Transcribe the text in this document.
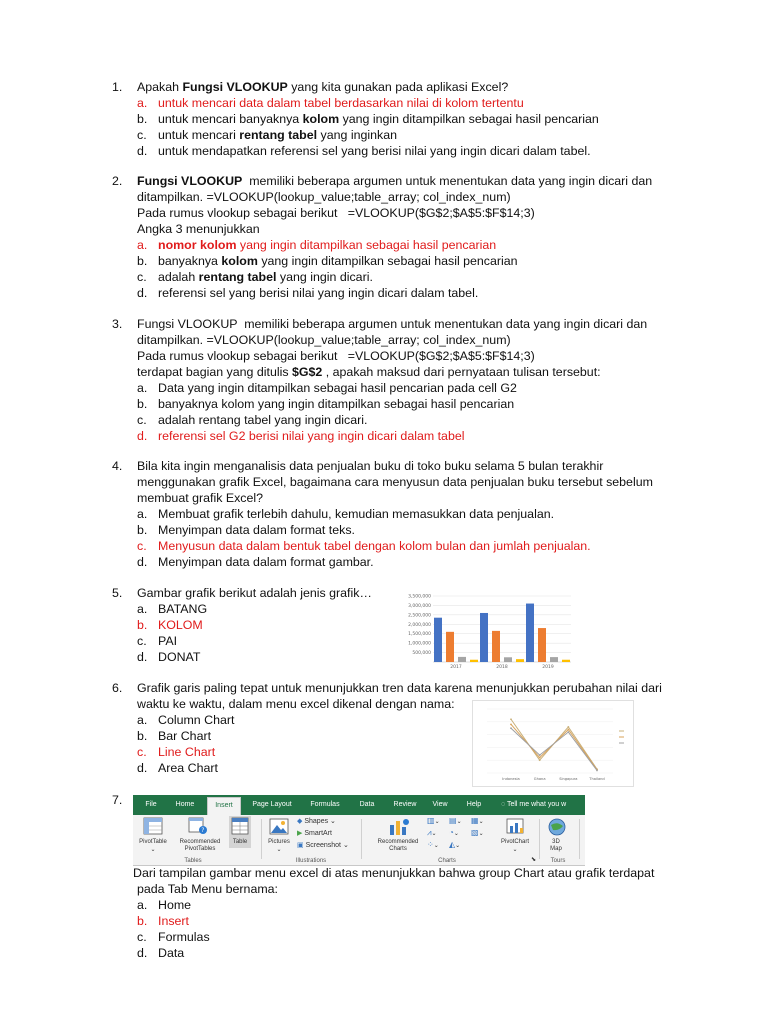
1. Apakah Fungsi VLOOKUP yang kita gunakan pada aplikasi Excel?
a. untuk mencari data dalam tabel berdasarkan nilai di kolom tertentu
b. untuk mencari banyaknya kolom yang ingin ditampilkan sebagai hasil pencarian
c. untuk mencari rentang tabel yang inginkan
d. untuk mendapatkan referensi sel yang berisi nilai yang ingin dicari dalam tabel.
2. Fungsi VLOOKUP  memiliki beberapa argumen untuk menentukan data yang ingin dicari dan
ditampilkan. =VLOOKUP(lookup_value;table_array; col_index_num)
Pada rumus vlookup sebagai berikut   =VLOOKUP($G$2;$A$5:$F$14;3)
Angka 3 menunjukkan
a. nomor kolom yang ingin ditampilkan sebagai hasil pencarian
b. banyaknya kolom yang ingin ditampilkan sebagai hasil pencarian
c. adalah rentang tabel yang ingin dicari.
d. referensi sel yang berisi nilai yang ingin dicari dalam tabel.
3. Fungsi VLOOKUP  memiliki beberapa argumen untuk menentukan data yang ingin dicari dan
ditampilkan. =VLOOKUP(lookup_value;table_array; col_index_num)
Pada rumus vlookup sebagai berikut   =VLOOKUP($G$2;$A$5:$F$14;3)
terdapat bagian yang ditulis $G$2 , apakah maksud dari pernyataan tulisan tersebut:
a. Data yang ingin ditampilkan sebagai hasil pencarian pada cell G2
b. banyaknya kolom yang ingin ditampilkan sebagai hasil pencarian
c. adalah rentang tabel yang ingin dicari.
d. referensi sel G2 berisi nilai yang ingin dicari dalam tabel
4. Bila kita ingin menganalisis data penjualan buku di toko buku selama 5 bulan terakhir
menggunakan grafik Excel, bagaimana cara menyusun data penjualan buku tersebut sebelum
membuat grafik Excel?
a. Membuat grafik terlebih dahulu, kemudian memasukkan data penjualan.
b. Menyimpan data dalam format teks.
c. Menyusun data dalam bentuk tabel dengan kolom bulan dan jumlah penjualan.
d. Menyimpan data dalam format gambar.
5. Gambar grafik berikut adalah jenis grafik…
a. BATANG
b. KOLOM
c. PAI
d. DONAT
3,500,000
3,000,000
2,500,000
2,000,000
1,500,000
1,000,000
500,000
2017	2018	2019
6. Grafik garis paling tepat untuk menunjukkan tren data karena menunjukkan perubahan nilai dari
waktu ke waktu, dalam menu excel dikenal dengan nama:
a. Column Chart
b. Bar Chart
c. Line Chart
d. Area Chart
Indonesia	Ghana	Singapura	Thailand
7.	File	Home	Insert	Page Layout	Formulas	Data	Review	View	Help	◌ Tell me what you w
PivotTable
⌄
?
Recommended
PivotTables
Table
Tables
Pictures
⌄
◆ Shapes ⌄
▶ SmartArt
▣ Screenshot ⌄
Illustrations
Recommended
Charts
▥⌄ ▤⌄ ▦⌄
⩘⌄ ◔⌄ ▧⌄
⁘⌄ ◭⌄
PivotChart
⌄
Charts	⬊
3D
Map
Tours
Dari tampilan gambar menu excel di atas menunjukkan bahwa group Chart atau grafik terdapat
pada Tab Menu bernama:
a. Home
b. Insert
c. Formulas
d. Data
